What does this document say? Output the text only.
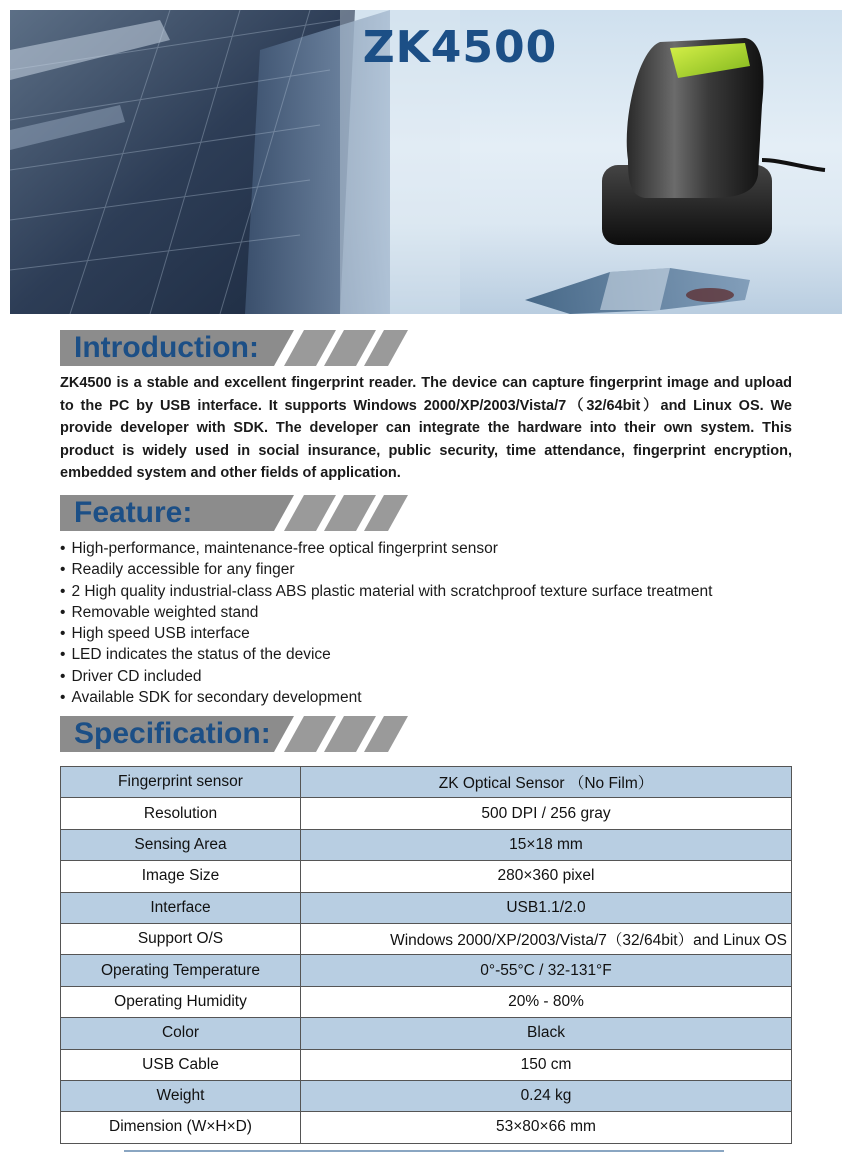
ZK4500
Introduction:

ZK4500 is a stable and excellent fingerprint reader. The device can capture fingerprint image and upload to the PC by USB interface. It supports Windows 2000/XP/2003/Vista/7（32/64bit）and Linux OS. We provide developer with SDK. The developer can integrate the hardware into their own system. This product is widely used in social insurance, public security, time attendance, fingerprint encryption, embedded system and other fields of application.

Feature:
• High-performance, maintenance-free optical fingerprint sensor
• Readily accessible for any finger
• 2 High quality industrial-class ABS plastic material with scratchproof texture surface treatment
• Removable weighted stand
• High speed USB interface
• LED indicates the status of the device
• Driver CD included
• Available SDK for secondary development
Specification:
Fingerprint sensor	ZK Optical Sensor （No Film）
Resolution	500 DPI / 256 gray
Sensing Area	15×18 mm
Image Size	280×360 pixel
Interface	USB1.1/2.0
Support O/S	Windows 2000/XP/2003/Vista/7（32/64bit）and Linux OS
Operating Temperature	0°-55°C / 32-131°F
Operating Humidity	20% - 80%
Color	Black
USB Cable	150 cm
Weight	0.24 kg
Dimension (W×H×D)	53×80×66 mm
